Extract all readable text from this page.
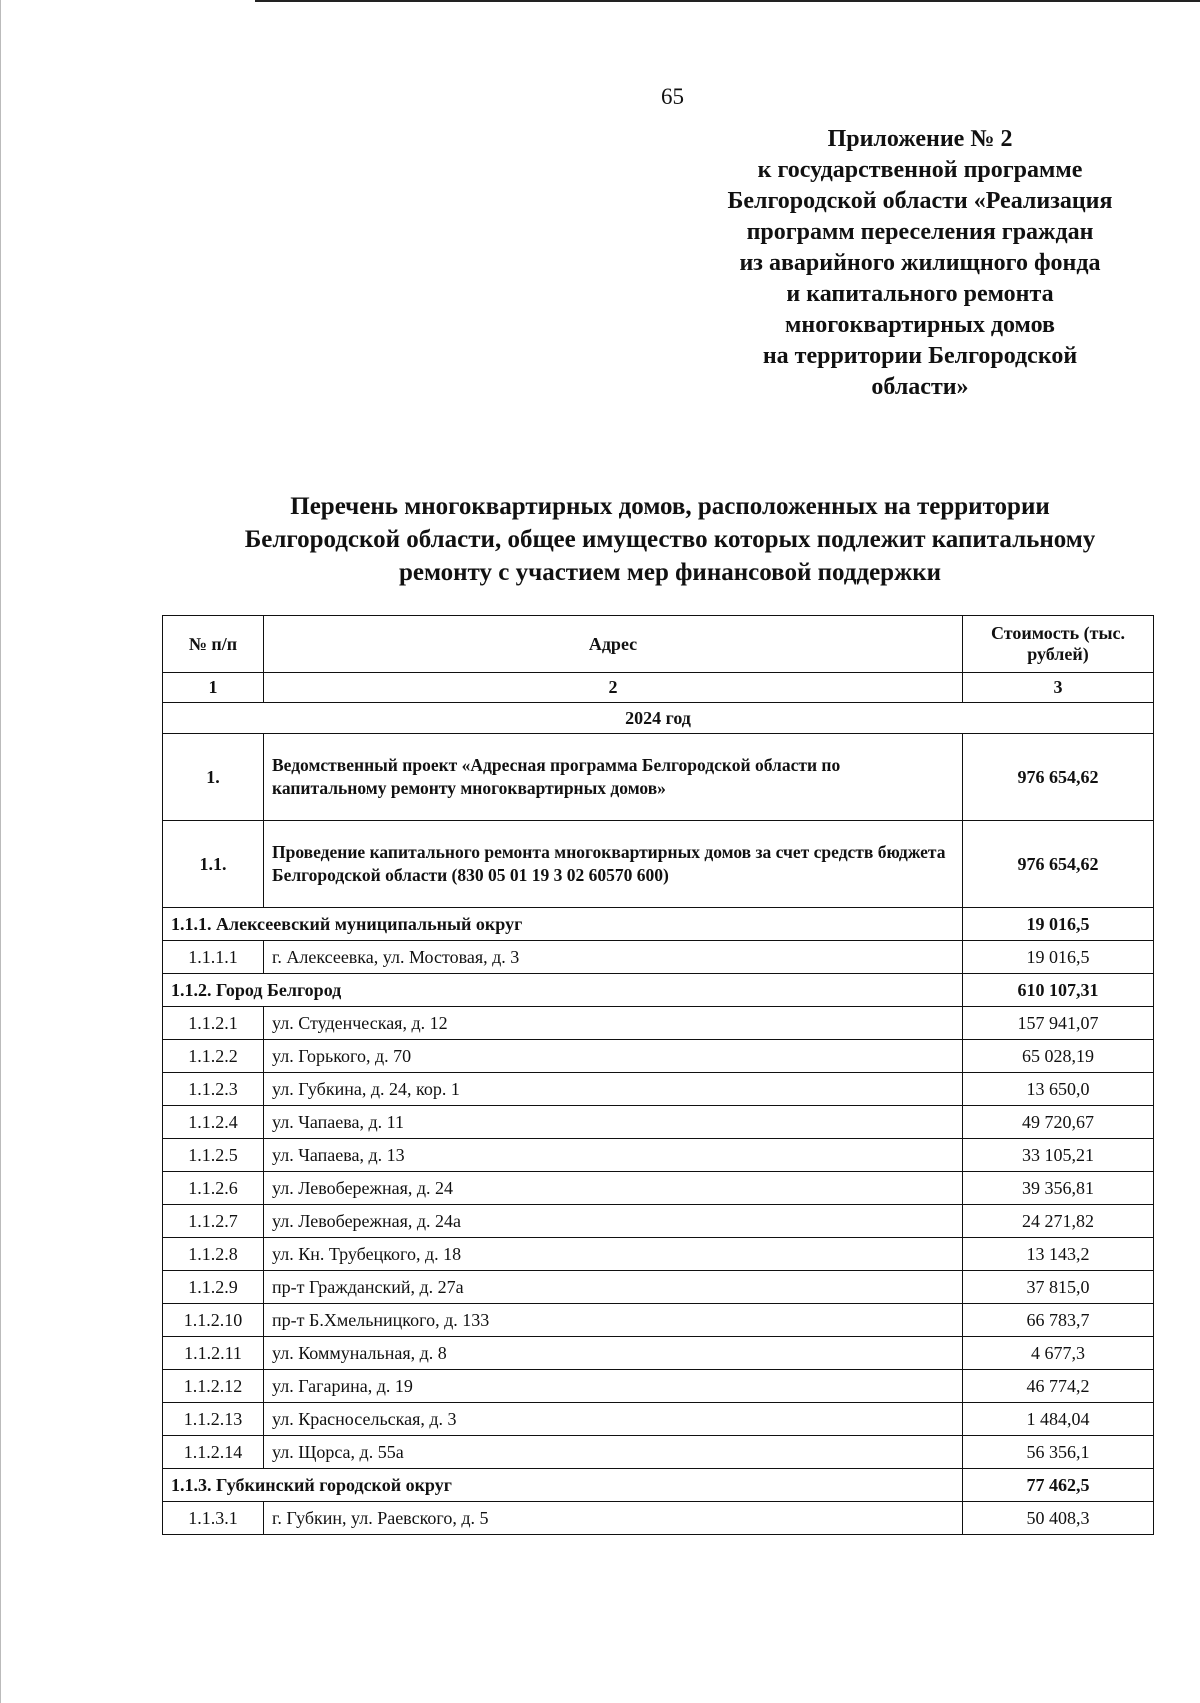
65
Приложение № 2
к государственной программе
Белгородской области «Реализация
программ переселения граждан
из аварийного жилищного фонда
и капитального ремонта
многоквартирных домов
на территории Белгородской
области»
Перечень многоквартирных домов, расположенных на территории
Белгородской области, общее имущество которых подлежит капитальному
ремонту с участием мер финансовой поддержки
№ п/п	Адрес	Стоимость (тыс. рублей)
1	2	3
2024 год		
1.	Ведомственный проект «Адресная программа Белгородской области по капитальному ремонту многоквартирных домов»	976 654,62
1.1.	Проведение капитального ремонта многоквартирных домов за счет средств бюджета Белгородской области (830 05 01 19 3 02 60570 600)	976 654,62
1.1.1. Алексеевский муниципальный округ		19 016,5
1.1.1.1	г. Алексеевка, ул. Мостовая, д. 3	19 016,5
1.1.2. Город Белгород		610 107,31
1.1.2.1	ул. Студенческая, д. 12	157 941,07
1.1.2.2	ул. Горького, д. 70	65 028,19
1.1.2.3	ул. Губкина, д. 24, кор. 1	13 650,0
1.1.2.4	ул. Чапаева, д. 11	49 720,67
1.1.2.5	ул. Чапаева, д. 13	33 105,21
1.1.2.6	ул. Левобережная, д. 24	39 356,81
1.1.2.7	ул. Левобережная, д. 24а	24 271,82
1.1.2.8	ул. Кн. Трубецкого, д. 18	13 143,2
1.1.2.9	пр-т Гражданский, д. 27а	37 815,0
1.1.2.10	пр-т Б.Хмельницкого, д. 133	66 783,7
1.1.2.11	ул. Коммунальная, д. 8	4 677,3
1.1.2.12	ул. Гагарина, д. 19	46 774,2
1.1.2.13	ул. Красносельская, д. 3	1 484,04
1.1.2.14	ул. Щорса, д. 55а	56 356,1
1.1.3. Губкинский городской округ		77 462,5
1.1.3.1	г. Губкин, ул. Раевского, д. 5	50 408,3
